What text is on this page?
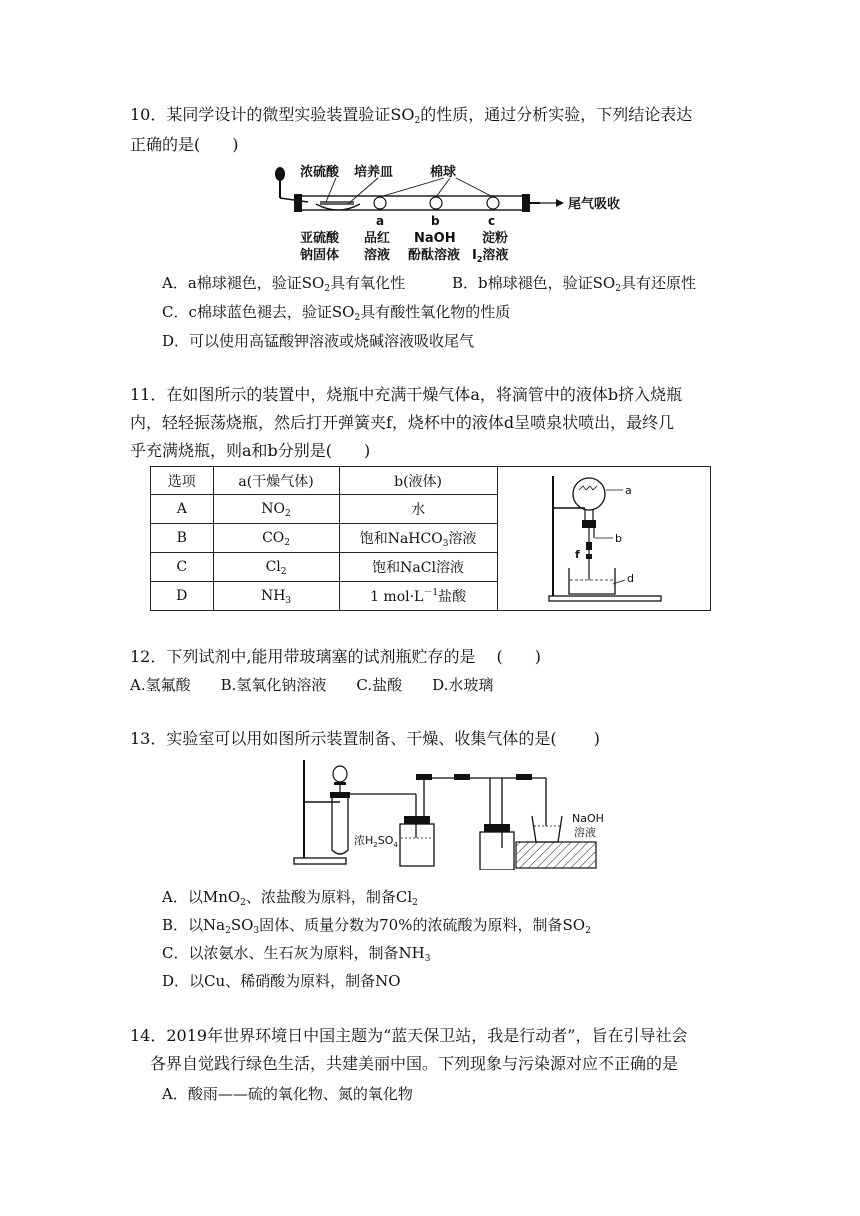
10．某同学设计的微型实验装置验证$SO_2$的性质，通过分析实验，下列结论表达
正确的是(　　)
浓硫酸 培养皿	棉球
尾气吸收
a	b	c
亚硫酸
钠固体
品红
溶液
NaOH
酚酞溶液
淀粉
$I_2$溶液
A．a棉球褪色，验证$SO_2$具有氧化性	B．b棉球褪色，验证$SO_2$具有还原性
C．c棉球蓝色褪去，验证$SO_2$具有酸性氧化物的性质
D．可以使用高锰酸钾溶液或烧碱溶液吸收尾气
11．在如图所示的装置中，烧瓶中充满干燥气体a，将滴管中的液体b挤入烧瓶
内，轻轻振荡烧瓶，然后打开弹簧夹f，烧杯中的液体d呈喷泉状喷出，最终几
乎充满烧瓶，则a和b分别是(　　)
选项	a(干燥气体)	b(液体)	a
b
f
d

A	$NO_2$	水	
B	$CO_2$	饱和NaHCO$_3$溶液	
C	$Cl_2$	饱和NaCl溶液	
D	$NH_3$	1 $mol\cdot L^{-1}$盐酸	
12．下列试剂中,能用带玻璃塞的试剂瓶贮存的是　 (　　)
A.氢氟酸　　B.氢氧化钠溶液　　C.盐酸　　D.水玻璃
13．实验室可以用如图所示装置制备、干燥、收集气体的是(　　 )
浓$H_2SO_4$
NaOH
溶液
A．以MnO$_2$、浓盐酸为原料，制备$Cl_2$
B．以$Na_2SO_3$固体、质量分数为70%的浓硫酸为原料，制备$SO_2$
C．以浓氨水、生石灰为原料，制备$NH_3$
D．以Cu、稀硝酸为原料，制备NO
14．2019年世界环境日中国主题为“蓝天保卫站，我是行动者”，旨在引导社会
各界自觉践行绿色生活，共建美丽中国。下列现象与污染源对应不正确的是
A．酸雨——硫的氧化物、氮的氧化物
